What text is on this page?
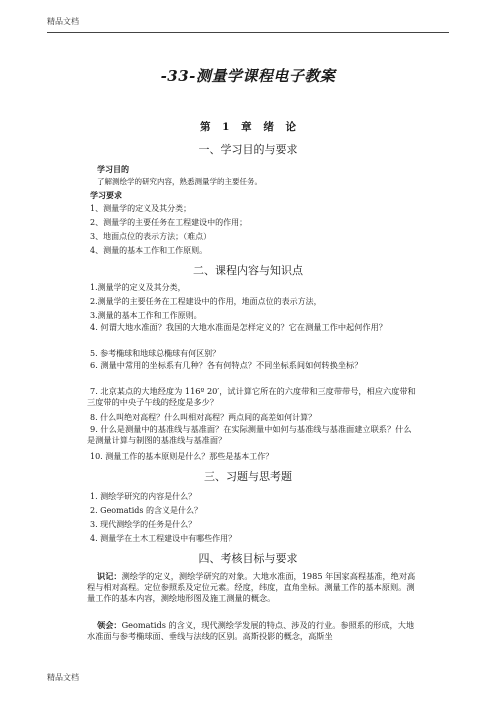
精品文档
精品文档
-33-测量学课程电子教案
第 1 章 绪 论
一、学习目的与要求
学习目的
了解测绘学的研究内容，熟悉测量学的主要任务。
学习要求
1、测量学的定义及其分类；
2、测量学的主要任务在工程建设中的作用；
3、地面点位的表示方法；（难点）
4、测量的基本工作和工作原则。
二、课程内容与知识点
1.测量学的定义及其分类，
2.测量学的主要任务在工程建设中的作用，地面点位的表示方法，
3.测量的基本工作和工作原则。
4. 何谓大地水准面？我国的大地水准面是怎样定义的？它在测量工作中起何作用？
5. 参考椭球和地球总椭球有何区别？
6. 测量中常用的坐标系有几种？各有何特点？不同坐标系间如何转换坐标？
7. 北京某点的大地经度为 116º 20′，试计算它所在的六度带和三度带带号，相应六度带和三度带的中央子午线的经度是多少？
8. 什么叫绝对高程？什么叫相对高程？两点间的高差如何计算？
9. 什么是测量中的基准线与基准面？在实际测量中如何与基准线与基准面建立联系？什么是测量计算与制图的基准线与基准面？
10. 测量工作的基本原则是什么？那些是基本工作？
三、习题与思考题
1. 测绘学研究的内容是什么？
2. Geomatids 的含义是什么？
3. 现代测绘学的任务是什么？
4. 测量学在土木工程建设中有哪些作用？
四、考核目标与要求
识记：测绘学的定义，测绘学研究的对象。大地水准面，1985 年国家高程基准，绝对高程与相对高程。定位参照系及定位元素。经度，纬度，直角坐标。测量工作的基本原则。测量工作的基本内容，测绘地形图及施工测量的概念。
领会：Geomatids 的含义，现代测绘学发展的特点、涉及的行业。参照系的形成，大地水准面与参考椭球面、垂线与法线的区别。高斯投影的概念，高斯坐
